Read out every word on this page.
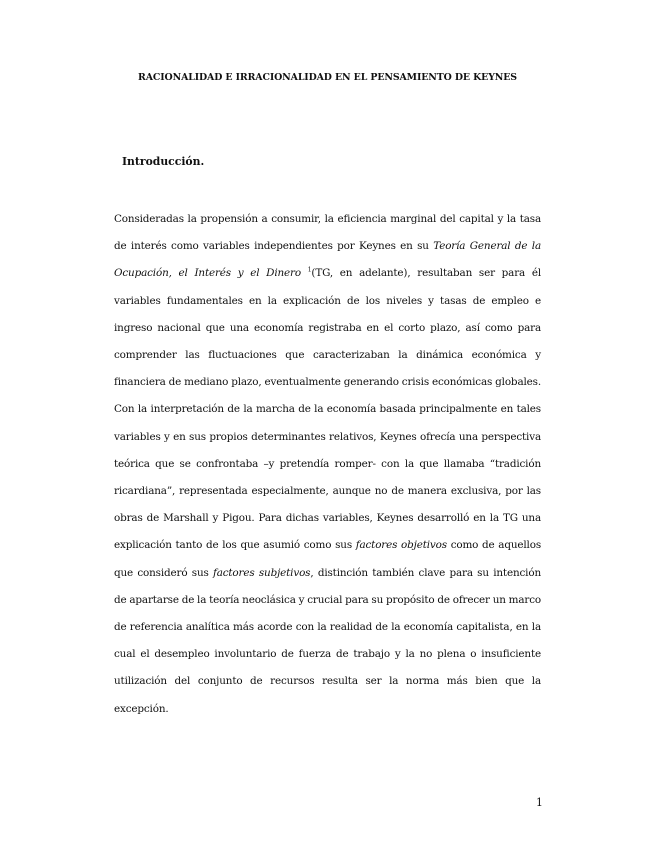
RACIONALIDAD E IRRACIONALIDAD EN EL PENSAMIENTO DE KEYNES
Introducción.

Consideradas la propensión a consumir, la eficiencia marginal del capital y la tasa de interés como variables independientes por Keynes en su Teoría General de la Ocupación, el Interés y el Dinero $^1$(TG, en adelante), resultaban ser para él variables fundamentales en la explicación de los niveles y tasas de empleo e ingreso nacional que una economía registraba en el corto plazo, así como para comprender las fluctuaciones que caracterizaban la dinámica económica y financiera de mediano plazo, eventualmente generando crisis económicas globales. Con la interpretación de la marcha de la economía basada principalmente en tales variables y en sus propios determinantes relativos, Keynes ofrecía una perspectiva teórica que se confrontaba –y pretendía romper- con la que llamaba “tradición ricardiana”, representada especialmente, aunque no de manera exclusiva, por las obras de Marshall y Pigou. Para dichas variables, Keynes desarrolló en la TG una explicación tanto de los que asumió como sus factores objetivos como de aquellos que consideró sus factores subjetivos, distinción también clave para su intención de apartarse de la teoría neoclásica y crucial para su propósito de ofrecer un marco de referencia analítica más acorde con la realidad de la economía capitalista, en la cual el desempleo involuntario de fuerza de trabajo y la no plena o insuficiente utilización del conjunto de recursos resulta ser la norma más bien que la excepción.

1
